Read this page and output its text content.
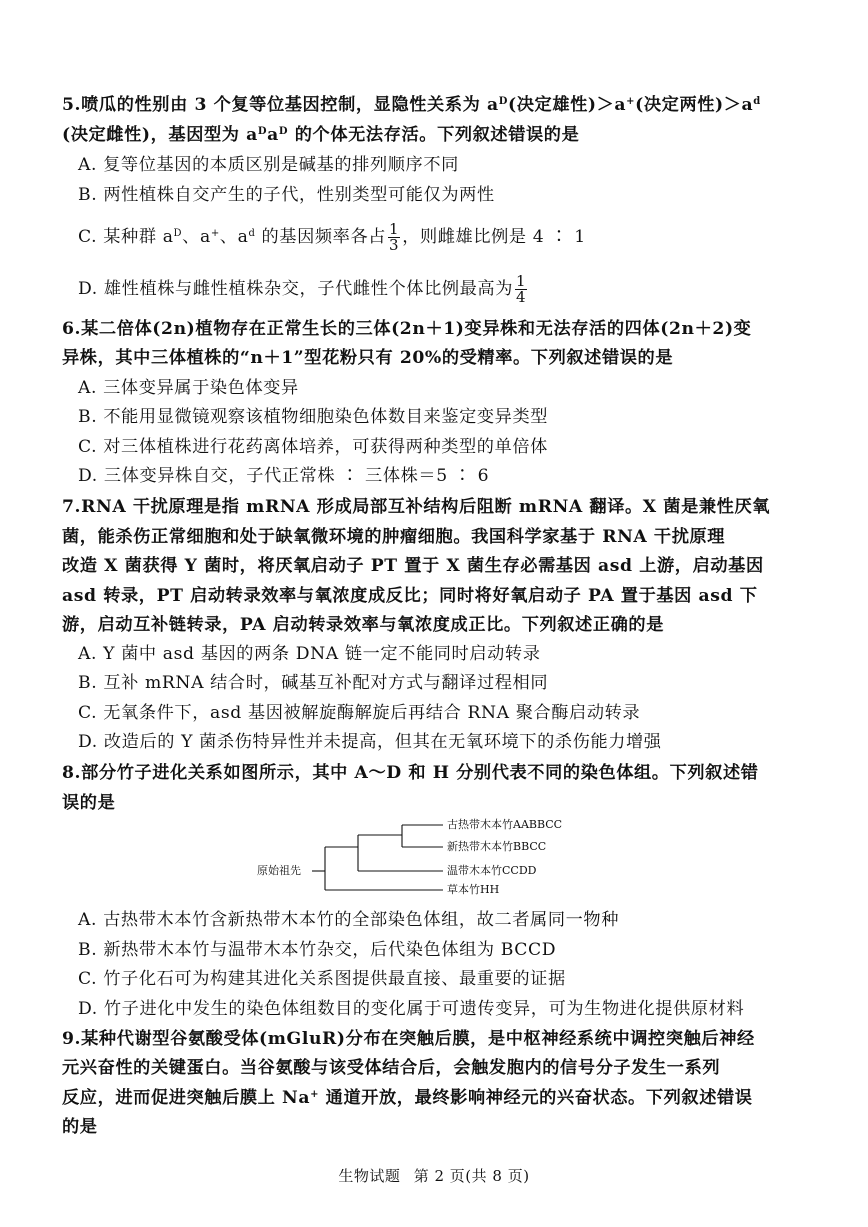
5.喷瓜的性别由 3 个复等位基因控制，显隐性关系为 $a^D$(决定雄性)＞a+(决定两性)$>a^d$
(决定雌性)，基因型为 $a^Da^D$ 的个体无法存活。下列叙述错误的是
A. 复等位基因的本质区别是碱基的排列顺序不同
B. 两性植株自交产生的子代，性别类型可能仅为两性
C. 某种群 $a^D$、a+、$a^d$ 的基因频率各占 $\frac{1}{3}$ ，则雌雄比例是 4 ∶ 1
D. 雄性植株与雌性植株杂交，子代雌性个体比例最高为 $\frac{1}{4}$
6.某二倍体(2n)植物存在正常生长的三体(2n＋1)变异株和无法存活的四体(2n＋2)变
异株，其中三体植株的“n＋1”型花粉只有 20%的受精率。下列叙述错误的是
A. 三体变异属于染色体变异
B. 不能用显微镜观察该植物细胞染色体数目来鉴定变异类型
C. 对三体植株进行花药离体培养，可获得两种类型的单倍体
D. 三体变异株自交，子代正常株 ∶ 三体株＝5 ∶ 6
7.RNA 干扰原理是指 mRNA 形成局部互补结构后阻断 mRNA 翻译。X 菌是兼性厌氧
菌，能杀伤正常细胞和处于缺氧微环境的肿瘤细胞。我国科学家基于 RNA 干扰原理
改造 X 菌获得 Y 菌时，将厌氧启动子 PT 置于 X 菌生存必需基因 asd 上游，启动基因
asd 转录，PT 启动转录效率与氧浓度成反比；同时将好氧启动子 PA 置于基因 asd 下
游，启动互补链转录，PA 启动转录效率与氧浓度成正比。下列叙述正确的是
A. Y 菌中 asd 基因的两条 DNA 链一定不能同时启动转录
B. 互补 mRNA 结合时，碱基互补配对方式与翻译过程相同
C. 无氧条件下，asd 基因被解旋酶解旋后再结合 RNA 聚合酶启动转录
D. 改造后的 Y 菌杀伤特异性并未提高，但其在无氧环境下的杀伤能力增强
8.部分竹子进化关系如图所示，其中 A～D 和 H 分别代表不同的染色体组。下列叙述错
误的是
原始祖先
古热带木本竹AABBCC
新热带木本竹BBCC
温带木本竹CCDD
草本竹HH
A. 古热带木本竹含新热带木本竹的全部染色体组，故二者属同一物种
B. 新热带木本竹与温带木本竹杂交，后代染色体组为 BCCD
C. 竹子化石可为构建其进化关系图提供最直接、最重要的证据
D. 竹子进化中发生的染色体组数目的变化属于可遗传变异，可为生物进化提供原材料
9.某种代谢型谷氨酸受体(mGluR)分布在突触后膜，是中枢神经系统中调控突触后神经
元兴奋性的关键蛋白。当谷氨酸与该受体结合后，会触发胞内的信号分子发生一系列
反应，进而促进突触后膜上 Na+ 通道开放，最终影响神经元的兴奋状态。下列叙述错误
的是
生物试题 第 2 页(共 8 页)
